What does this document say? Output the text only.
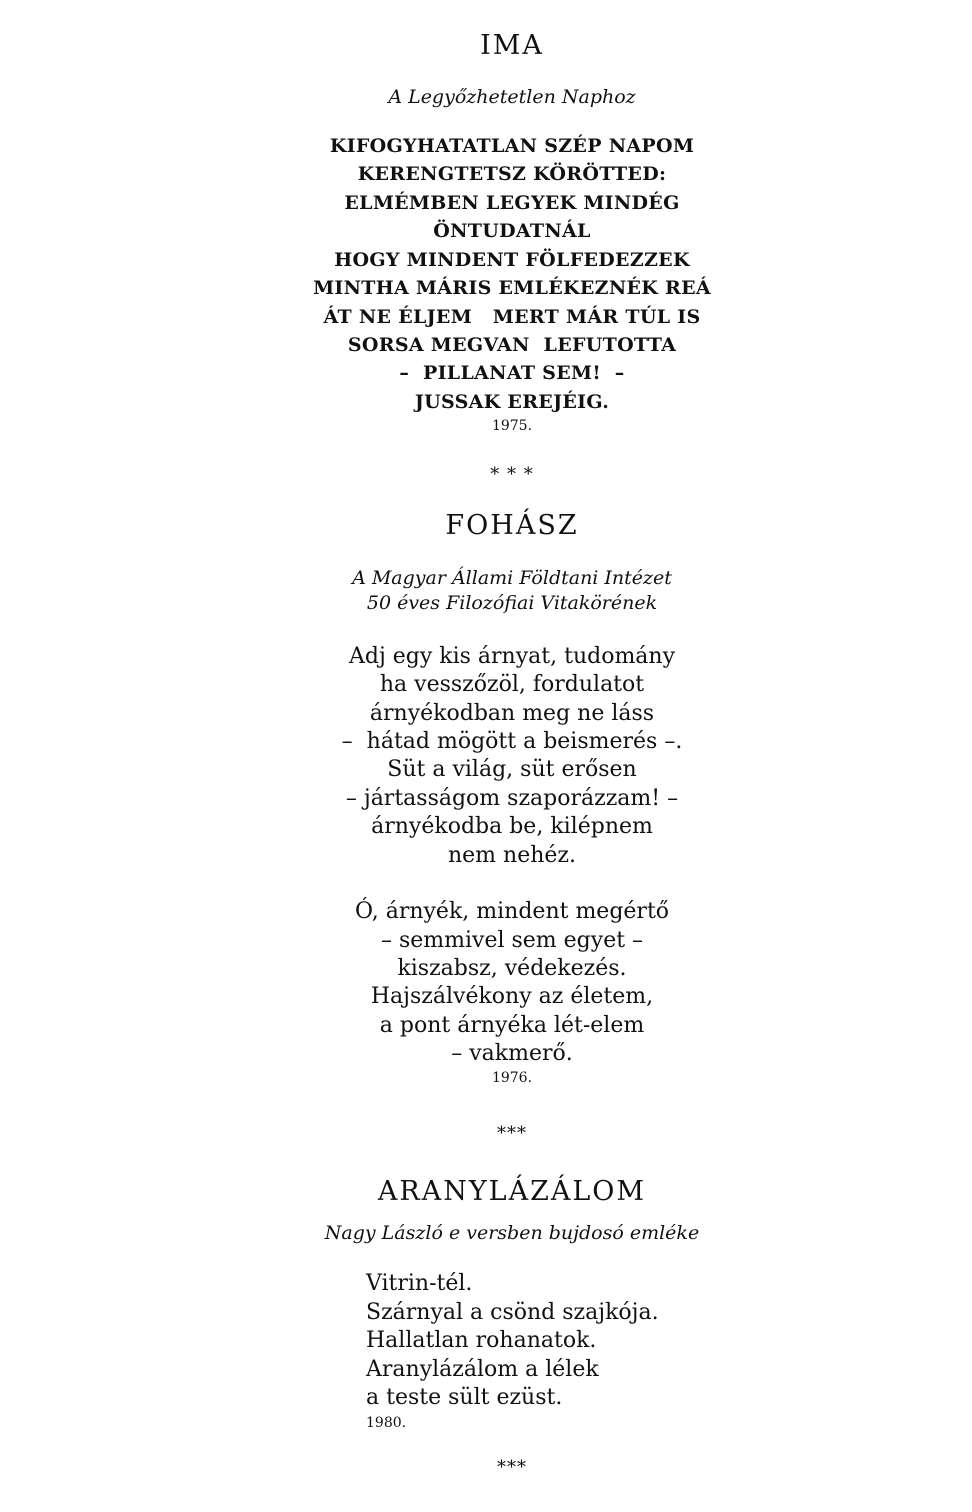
IMA

A Legyőzhetetlen Naphoz

KIFOGYHATATLAN SZÉP NAPOM

KERENGTETSZ KÖRÖTTED:

ELMÉMBEN LEGYEK MINDÉG

ÖNTUDATNÁL

HOGY MINDENT FÖLFEDEZZEK

MINTHA MÁRIS EMLÉKEZNÉK REÁ

ÁT NE ÉLJEM   MERT MÁR TÚL IS

SORSA MEGVAN  LEFUTOTTA

–  PILLANAT SEM!  –

JUSSAK EREJÉIG.

1975.

* * *

FOHÁSZ

A Magyar Állami Földtani Intézet

50 éves Filozófiai Vitakörének

Adj egy kis árnyat, tudomány

ha vesszőzöl, fordulatot

árnyékodban meg ne láss

–  hátad mögött a beismerés –.

Süt a világ, süt erősen

– jártasságom szaporázzam! –

árnyékodba be, kilépnem

nem nehéz.

Ó, árnyék, mindent megértő

– semmivel sem egyet –

kiszabsz, védekezés.

Hajszálvékony az életem,

a pont árnyéka lét-elem

– vakmerő.

1976.

***

ARANYLÁZÁLOM

Nagy László e versben bujdosó emléke

Vitrin-tél.

Szárnyal a csönd szajkója.

Hallatlan rohanatok.

Aranylázálom a lélek

a teste sült ezüst.

1980.

***
